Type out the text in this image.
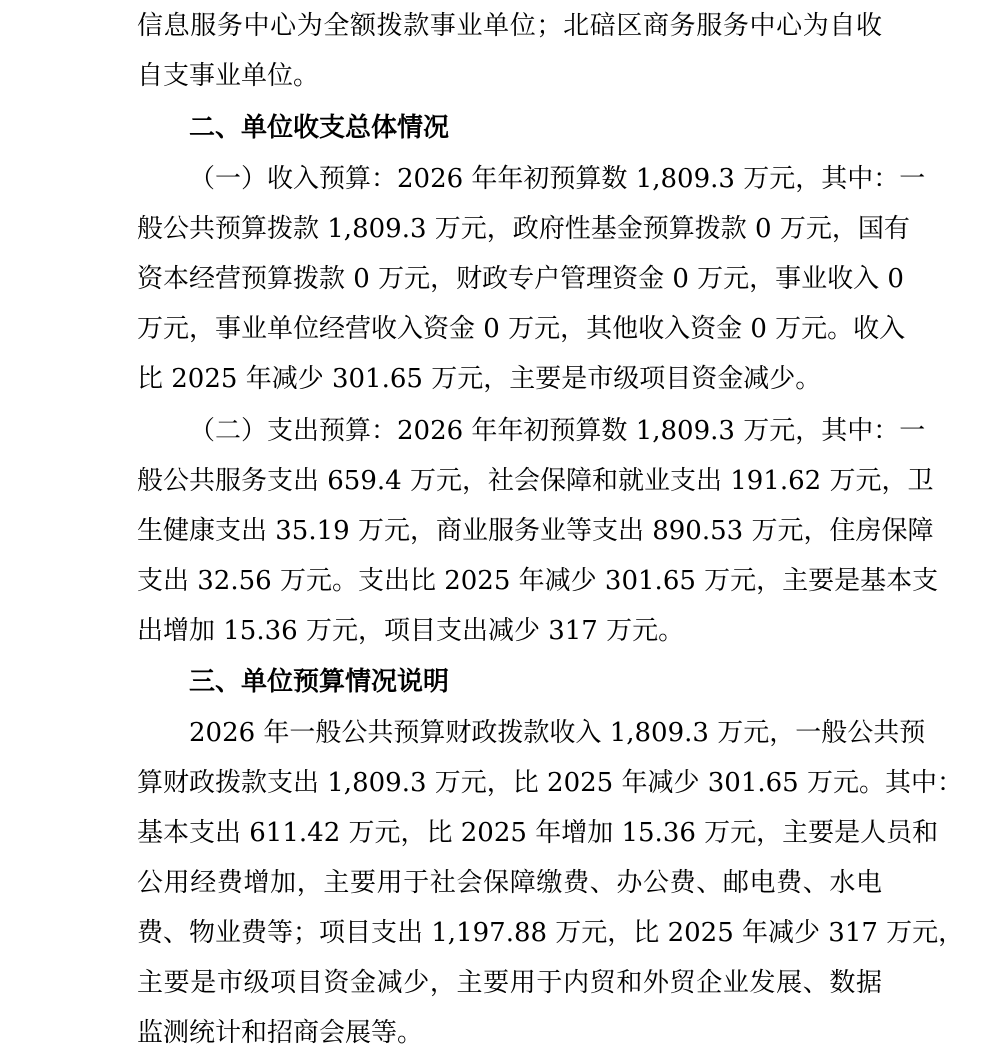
信息服务中心为全额拨款事业单位；北碚区商务服务中心为自收
自支事业单位。
二、单位收支总体情况
（一）收入预算：2026 年年初预算数 1,809.3 万元，其中：一
般公共预算拨款 1,809.3 万元，政府性基金预算拨款 0 万元，国有
资本经营预算拨款 0 万元，财政专户管理资金 0 万元，事业收入 0
万元，事业单位经营收入资金 0 万元，其他收入资金 0 万元。收入
比 2025 年减少 301.65 万元，主要是市级项目资金减少。
（二）支出预算：2026 年年初预算数 1,809.3 万元，其中：一
般公共服务支出 659.4 万元，社会保障和就业支出 191.62 万元，卫
生健康支出 35.19 万元，商业服务业等支出 890.53 万元，住房保障
支出 32.56 万元。支出比 2025 年减少 301.65 万元，主要是基本支
出增加 15.36 万元，项目支出减少 317 万元。
三、单位预算情况说明
2026 年一般公共预算财政拨款收入 1,809.3 万元，一般公共预
算财政拨款支出 1,809.3 万元，比 2025 年减少 301.65 万元。其中：
基本支出 611.42 万元，比 2025 年增加 15.36 万元，主要是人员和
公用经费增加，主要用于社会保障缴费、办公费、邮电费、水电
费、物业费等；项目支出 1,197.88 万元，比 2025 年减少 317 万元，
主要是市级项目资金减少，主要用于内贸和外贸企业发展、数据
监测统计和招商会展等。
